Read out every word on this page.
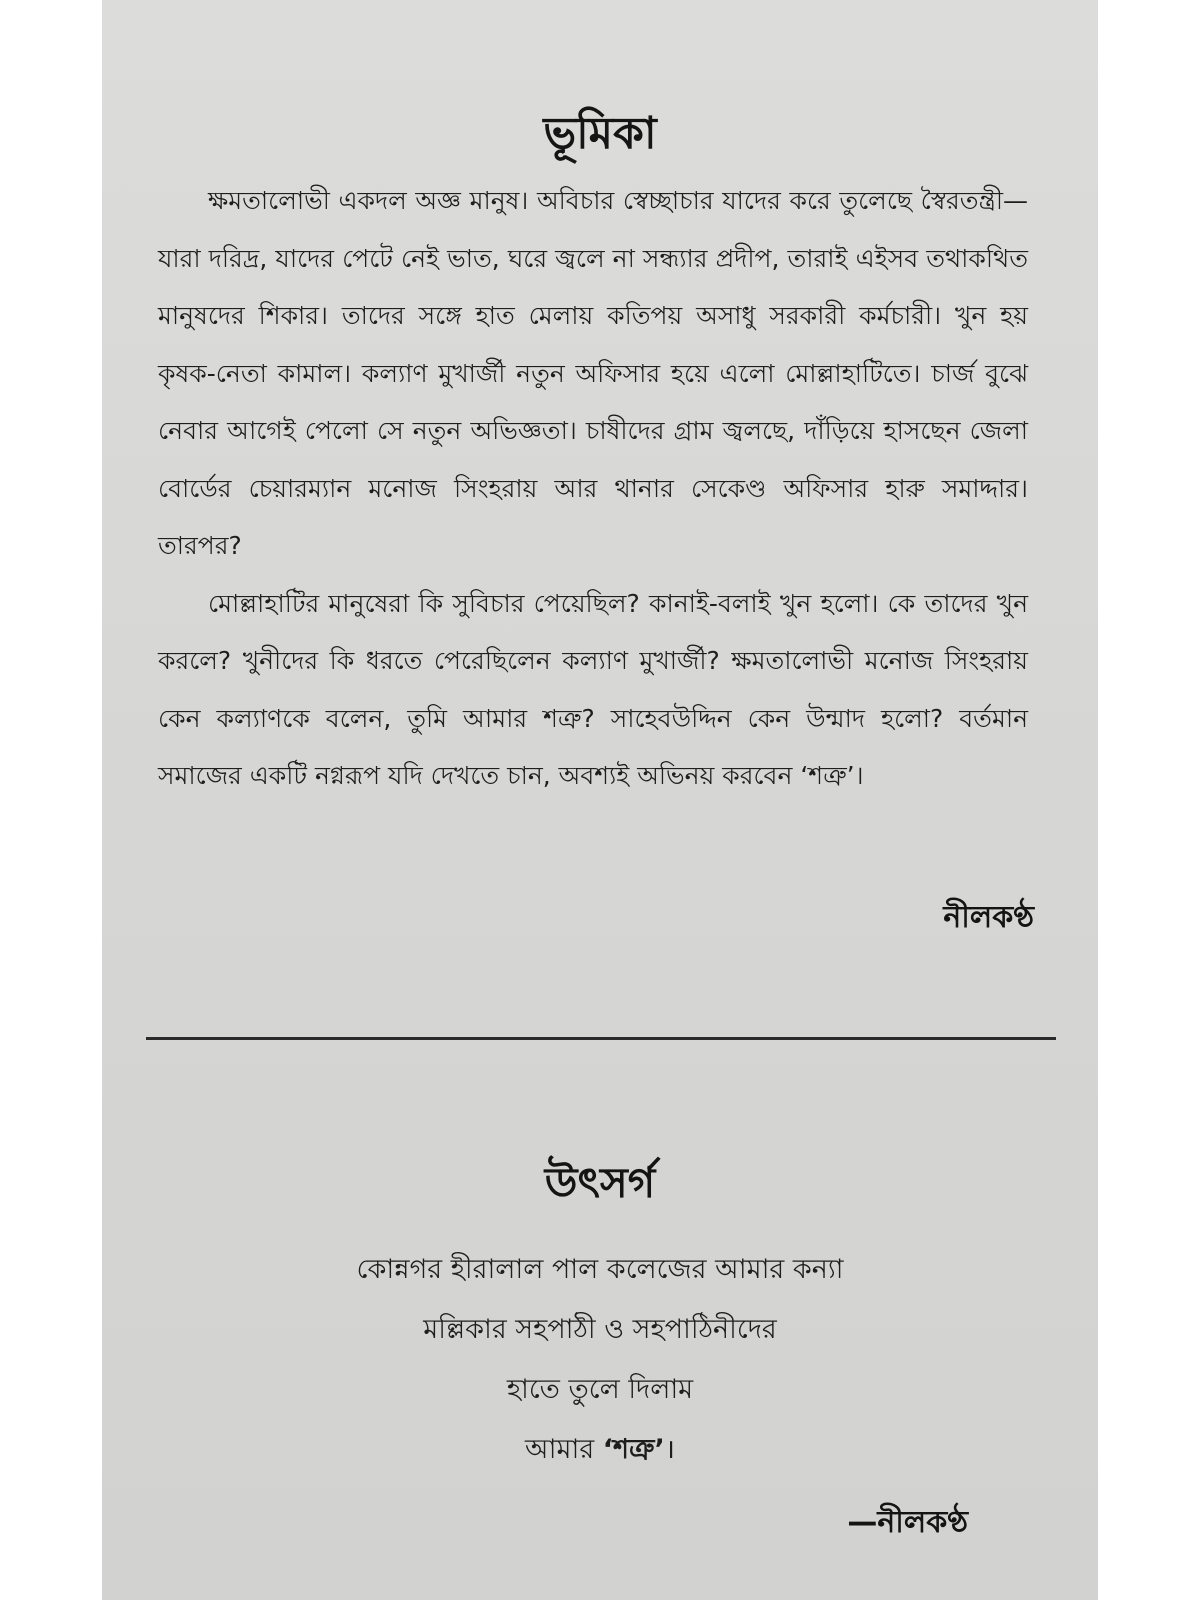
ভূমিকা

ক্ষমতালোভী একদল অজ্ঞ মানুষ। অবিচার স্বেচ্ছাচার যাদের করে তুলেছে স্বৈরতন্ত্রী—যারা দরিদ্র, যাদের পেটে নেই ভাত, ঘরে জ্বলে না সন্ধ্যার প্রদীপ, তারাই এইসব তথাকথিত মানুষদের শিকার। তাদের সঙ্গে হাত মেলায় কতিপয় অসাধু সরকারী কর্মচারী। খুন হয় কৃষক-নেতা কামাল। কল্যাণ মুখার্জী নতুন অফিসার হয়ে এলো মোল্লাহাটিতে। চার্জ বুঝে নেবার আগেই পেলো সে নতুন অভিজ্ঞতা। চাষীদের গ্রাম জ্বলছে, দাঁড়িয়ে হাসছেন জেলা বোর্ডের চেয়ারম্যান মনোজ সিংহরায় আর থানার সেকেণ্ড অফিসার হারু সমাদ্দার। তারপর?

মোল্লাহাটির মানুষেরা কি সুবিচার পেয়েছিল? কানাই-বলাই খুন হলো। কে তাদের খুন করলে? খুনীদের কি ধরতে পেরেছিলেন কল্যাণ মুখার্জী? ক্ষমতালোভী মনোজ সিংহরায় কেন কল্যাণকে বলেন, তুমি আমার শত্রু? সাহেবউদ্দিন কেন উন্মাদ হলো? বর্তমান সমাজের একটি নগ্নরূপ যদি দেখতে চান, অবশ্যই অভিনয় করবেন ‘শত্রু’।

নীলকণ্ঠ
উৎসর্গ
কোন্নগর হীরালাল পাল কলেজের আমার কন্যা
মল্লিকার সহপাঠী ও সহপাঠিনীদের
হাতে তুলে দিলাম
আমার ‘শত্রু’।
—নীলকণ্ঠ
